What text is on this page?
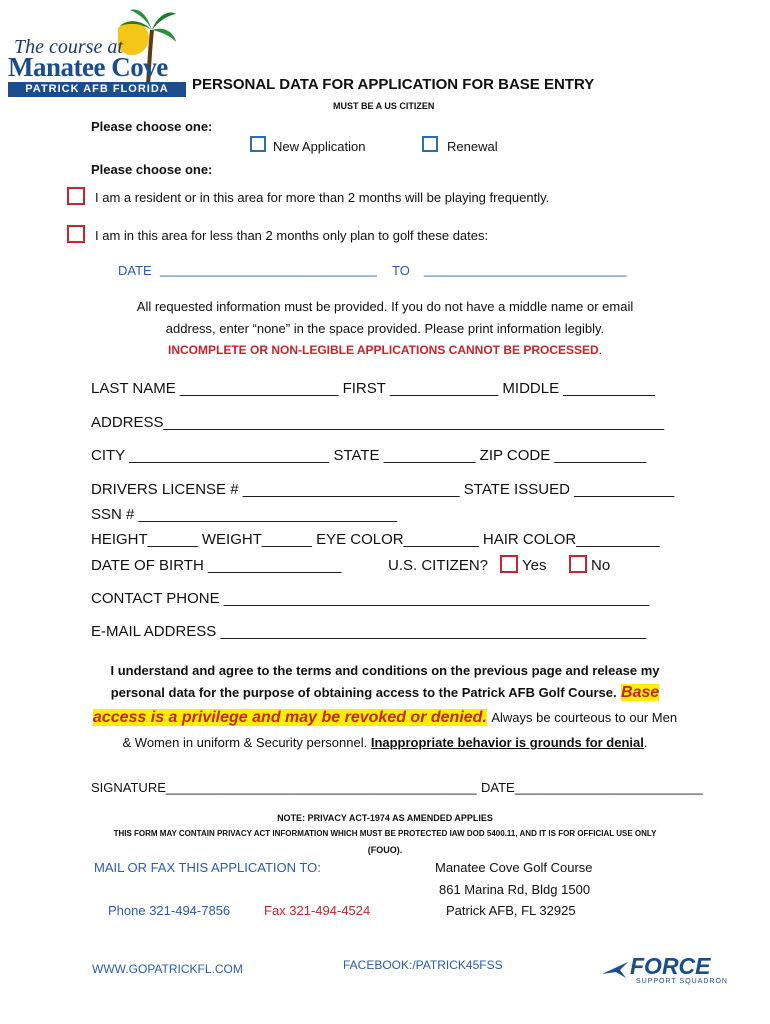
The course at
Manatee Cove
PATRICK AFB FLORIDA	PERSONAL DATA FOR APPLICATION FOR BASE ENTRY
MUST BE A US CITIZEN
Please choose one:
New Application	Renewal
Please choose one:
I am a resident or in this area for more than 2 months will be playing frequently.
I am in this area for less than 2 months only plan to golf these dates:
DATE ______________________________ TO ____________________________
All requested information must be provided. If you do not have a middle name or email
address, enter “none” in the space provided. Please print information legibly.
INCOMPLETE OR NON-LEGIBLE APPLICATIONS CANNOT BE PROCESSED.
LAST NAME ___________________ FIRST _____________ MIDDLE ___________
ADDRESS____________________________________________________________
CITY ________________________ STATE ___________ ZIP CODE ___________
DRIVERS LICENSE # __________________________ STATE ISSUED ____________
SSN # _______________________________
HEIGHT______ WEIGHT______ EYE COLOR_________ HAIR COLOR__________
DATE OF BIRTH ________________	U.S. CITIZEN? Yes	No
CONTACT PHONE ___________________________________________________
E-MAIL ADDRESS ___________________________________________________
I understand and agree to the terms and conditions on the previous page and release my
personal data for the purpose of obtaining access to the Patrick AFB Golf Course. Base
access is a privilege and may be revoked or denied. Always be courteous to our Men
& Women in uniform & Security personnel. Inappropriate behavior is grounds for denial.
SIGNATURE___________________________________________ DATE__________________________
NOTE: PRIVACY ACT-1974 AS AMENDED APPLIES
THIS FORM MAY CONTAIN PRIVACY ACT INFORMATION WHICH MUST BE PROTECTED IAW DOD 5400.11, AND IT IS FOR OFFICIAL USE ONLY
(FOUO).
MAIL OR FAX THIS APPLICATION TO:
Phone 321-494-7856	Fax 321-494-4524
Manatee Cove Golf Course
861 Marina Rd, Bldg 1500
Patrick AFB, FL 32925
WWW.GOPATRICKFL.COM	FACEBOOK:/PATRICK45FSS	FORCE
SUPPORT SQUADRON
